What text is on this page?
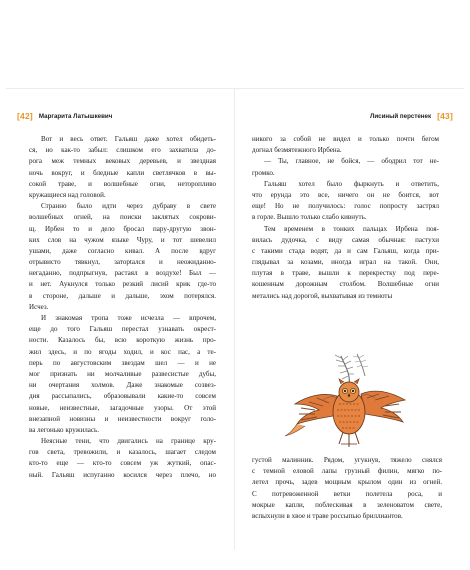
[42] Маргарита Латышкевич
Вот и весь ответ. Гальяш даже хотел обидеть-
ся, но как-то забыл: слишком его захватила до-
рога меж темных вековых деревьев, и звездная
ночь вокруг, и бледные капли светлячков в вы-
сокой траве, и волшебные огни, неторопливо
кружащиеся над головой.
Странно было идти через дубраву в свете
волшебных огней, на поиски заклятых сокрови-
щ. Ирбен то и дело бросал пару-другую звон-
ких слов на чужом языке Чуру, и тот шевелил
ушами, даже согласно кивал. А после вдруг
отрывисто тявкнул, затоptался и неожиданно-
негаданно, подпрыгнув, растаял в воздухе! Был —
и нет. Аукнулся только резкий лисий крик где-то
в стороне, дальше и дальше, эхом потерялся.
Исчез.
И знакомая тропа тоже исчезла — впрочем,
еще до того Гальяш перестал узнавать окрест-
ности. Казалось бы, всю короткую жизнь про-
жил здесь, и по ягоды ходил, и кос пас, а те-
перь по августовским звездам шел — и не
мог признать ни молчаливые развесистые дубы,
ни очертания холмов. Даже знакомые созвез-
дия рассыпались, образовывали какие-то совсем
новые, неизвестные, загадочные узоры. От этой
внезапной новизны и неизвестности вокруг голо-
ва легонько кружилась.
Неясные тени, что двигались на границе кру-
гов света, тревожили, и казалось, шагает следом
кто-то еще — кто-то совсем уж жуткий, опас-
ный. Гальяш испуганно косился через плечо, но
Лисиный перстенек [43]
никого за собой не видел и только почти бегом
догнал безмятежного Ирбена.
— Ты, главное, не бойся, — ободрил тот не-
громко.
Гальяш хотел было фыркнуть и ответить,
что ерунда это все, ничего он не боится, вот
еще! Но не получилось: голос попросту застрял
в горле. Вышло только слабо кивнуть.
Тем временем в тонких пальцах Ирбена поя-
вилась дудочка, с виду самая обычная: пастухи
с такими стада водят, да и сам Гальяш, когда при-
глядывал за козами, иногда играл на такой. Они,
плутая в траве, вышли к перекрестку под пере-
кошенным дорожным столбом. Волшебные огни
метались над дорогой, выхватывая из темноты
густой малинник. Рядом, угукнув, тяжело снялся
с темной еловой лапы грузный филин, мягко по-
летел прочь, задев мощным крылом один из огней.
С потревоженной ветки полетела роса, и
мокрые капли, поблескивая в зеленоватом свете,
вспыхнули в хвое и траве россыпью бриллиантов.
